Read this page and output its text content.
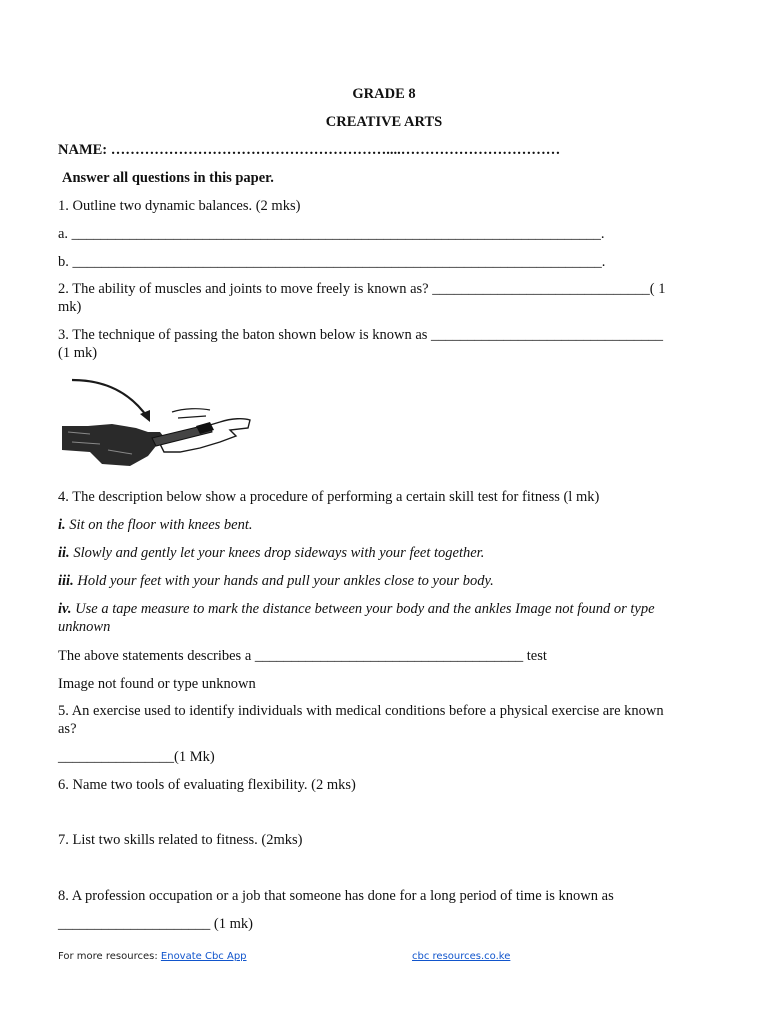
GRADE 8
CREATIVE ARTS
NAME: …………………………………………………....……………………………
Answer all questions in this paper.
1. Outline two dynamic balances. (2 mks)
a. _________________________________________________________________________.
b. _________________________________________________________________________.
2. The ability of muscles and joints to move freely is known as? ______________________________( 1
mk)
3. The technique of passing the baton shown below is known as ________________________________
(1 mk)
4. The description below show a procedure of performing a certain skill test for fitness (l mk)
i. Sit on the floor with knees bent.
ii. Slowly and gently let your knees drop sideways with your feet together.
iii. Hold your feet with your hands and pull your ankles close to your body.
iv. Use a tape measure to mark the distance between your body and the ankles Image not found or type
unknown
The above statements describes a _____________________________________ test
Image not found or type unknown
5. An exercise used to identify individuals with medical conditions before a physical exercise are known
as?
________________(1 Mk)
6. Name two tools of evaluating flexibility. (2 mks)
7. List two skills related to fitness. (2mks)
8. A profession occupation or a job that someone has done for a long period of time is known as
_____________________ (1 mk)
For more resources: Enovate Cbc App	cbc resources.co.ke
